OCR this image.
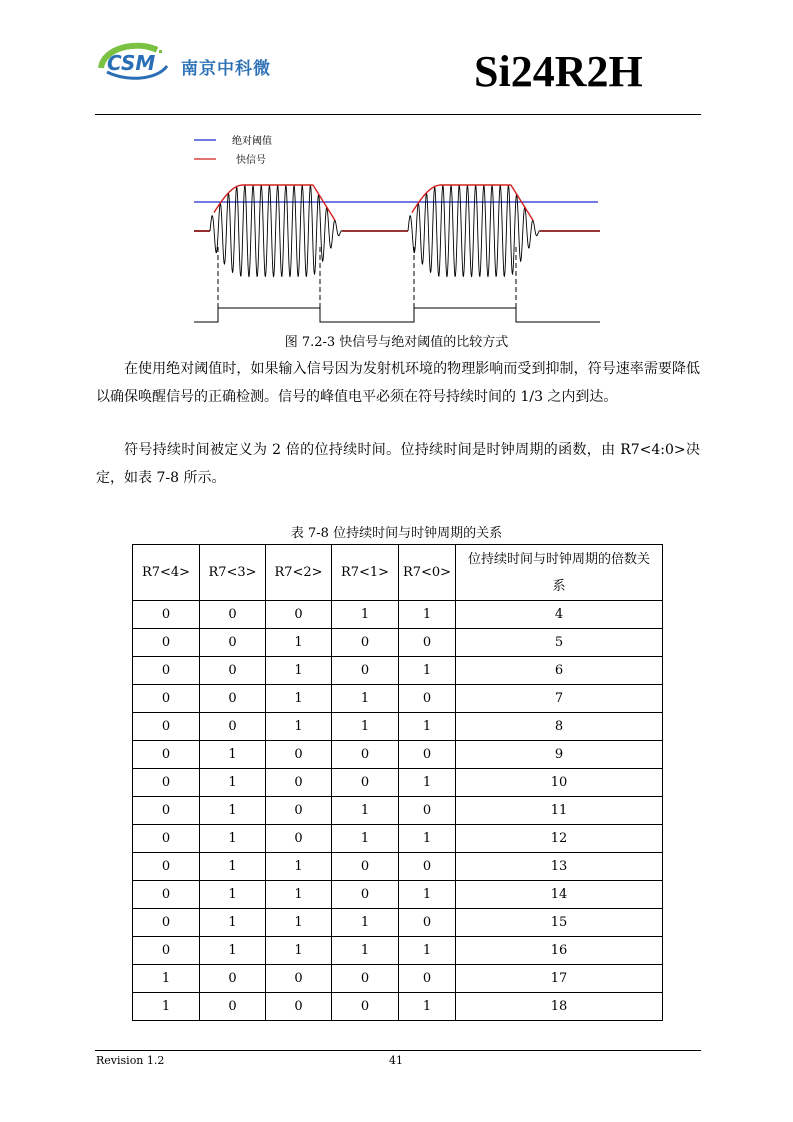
CSM 南京中科微	Si24R2H
绝对阈值
快信号
图 7.2-3 快信号与绝对阈值的比较方式
在使用绝对阈值时，如果输入信号因为发射机环境的物理影响而受到抑制，符号速率需要降低以确保唤醒信号的正确检测。信号的峰值电平必须在符号持续时间的 1/3 之内到达。
符号持续时间被定义为 2 倍的位持续时间。位持续时间是时钟周期的函数，由 R7<4:0>决定，如表 7-8 所示。
表 7-8 位持续时间与时钟周期的关系
R7<4>	R7<3>	R7<2>	R7<1>	R7<0>	位持续时间与时钟周期的倍数关系
0	0	0	1	1	4
0	0	1	0	0	5
0	0	1	0	1	6
0	0	1	1	0	7
0	0	1	1	1	8
0	1	0	0	0	9
0	1	0	0	1	10
0	1	0	1	0	11
0	1	0	1	1	12
0	1	1	0	0	13
0	1	1	0	1	14
0	1	1	1	0	15
0	1	1	1	1	16
1	0	0	0	0	17
1	0	0	0	1	18
Revision 1.2	41
